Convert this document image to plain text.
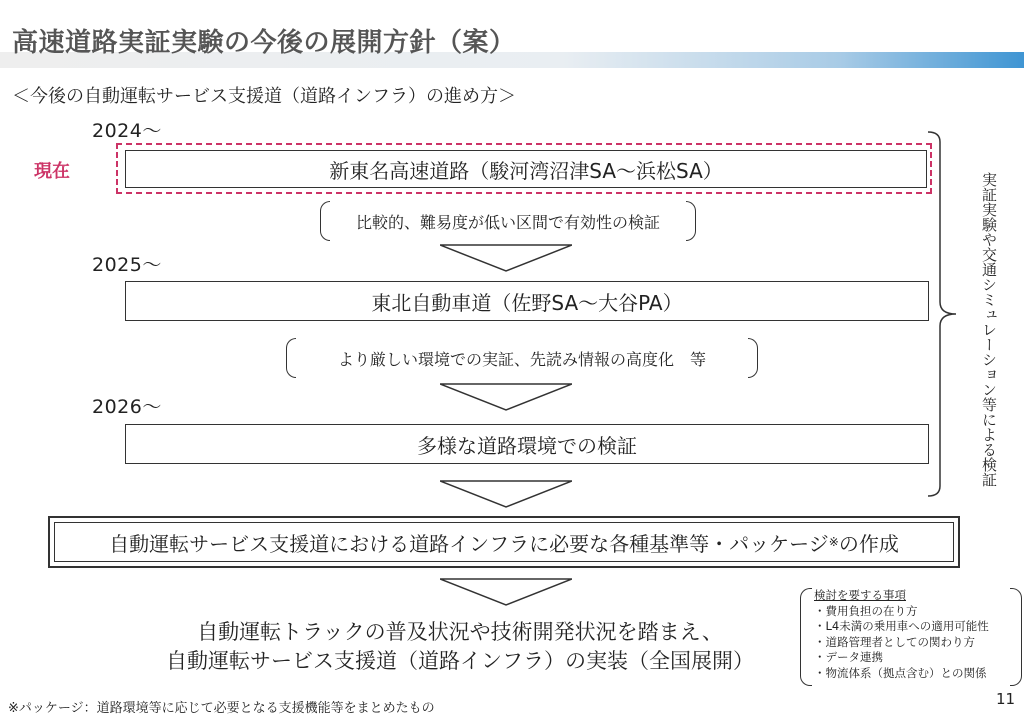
高速道路実証実験の今後の展開方針（案）
＜今後の自動運転サービス支援道（道路インフラ）の進め方＞
2024～
現在	新東名高速道路（駿河湾沼津SA～浜松SA）
比較的、難易度が低い区間で有効性の検証
2025～
東北自動車道（佐野SA～大谷PA）
より厳しい環境での実証、先読み情報の高度化　等
2026～
多様な道路環境での検証	実証実験や交通シミュレーション等による検証
自動運転サービス支援道における道路インフラに必要な各種基準等・パッケージ ※ の作成
自動運転トラックの普及状況や技術開発状況を踏まえ、
自動運転サービス支援道（道路インフラ）の実装（全国展開）
検討を要する事項
・費用負担の在り方
・L4未満の乗用車への適用可能性
・道路管理者としての関わり方
・データ連携
・物流体系（拠点含む）との関係
※パッケージ：道路環境等に応じて必要となる支援機能等をまとめたもの
11
